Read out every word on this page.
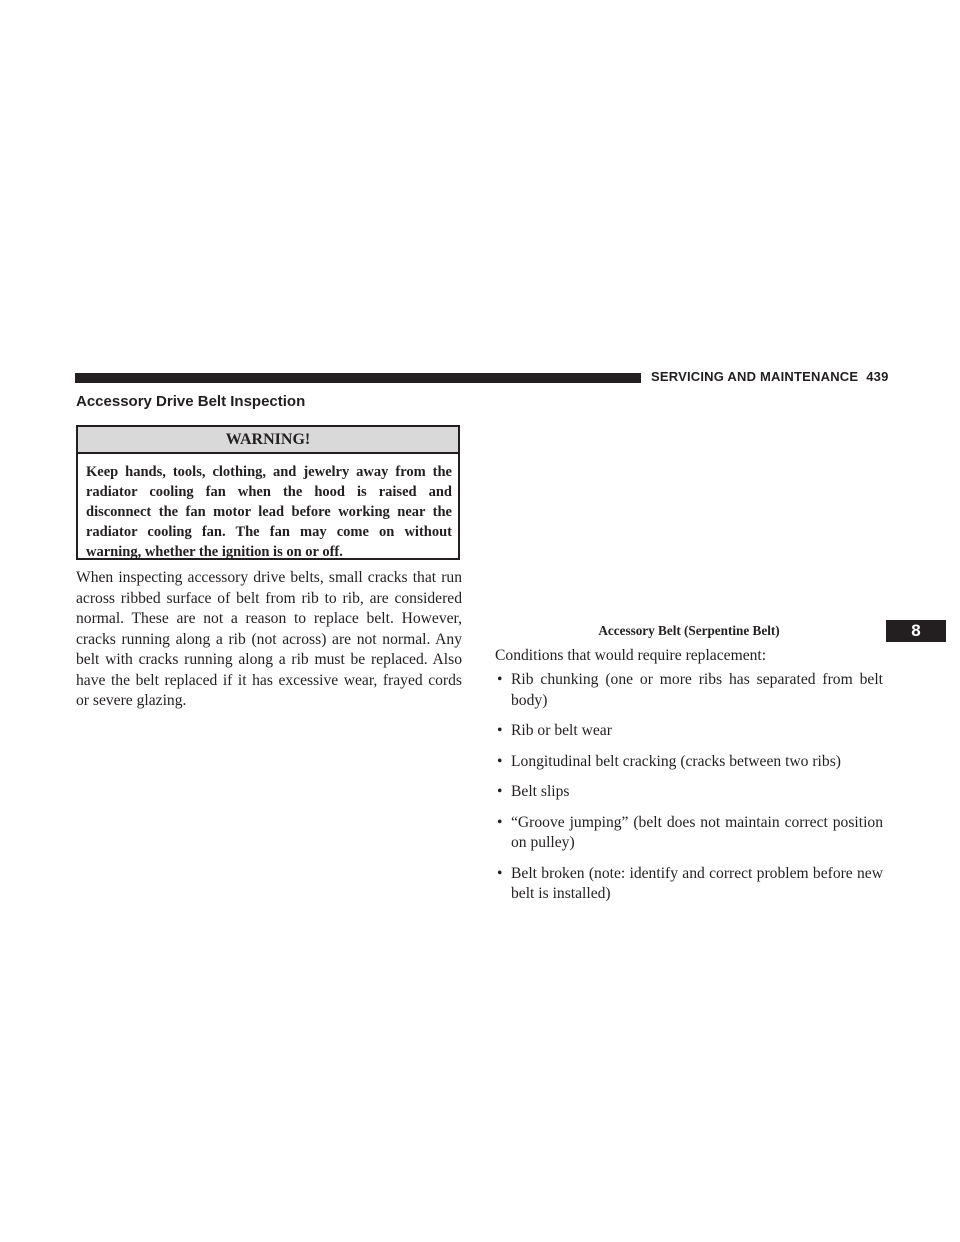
SERVICING AND MAINTENANCE 439
Accessory Drive Belt Inspection
WARNING!
Keep hands, tools, clothing, and jewelry away from the radiator cooling fan when the hood is raised and disconnect the fan motor lead before working near the radiator cooling fan. The fan may come on without warning, whether the ignition is on or off.

When inspecting accessory drive belts, small cracks that run across ribbed surface of belt from rib to rib, are considered normal. These are not a reason to replace belt. However, cracks running along a rib (not across) are not normal. Any belt with cracks running along a rib must be replaced. Also have the belt replaced if it has excessive wear, frayed cords or severe glazing.

Accessory Belt (Serpentine Belt)	8

Conditions that would require replacement:

• Rib chunking (one or more ribs has separated from belt body)
• Rib or belt wear
• Longitudinal belt cracking (cracks between two ribs)
• Belt slips
• “Groove jumping” (belt does not maintain correct position on pulley)
• Belt broken (note: identify and correct problem before new belt is installed)
